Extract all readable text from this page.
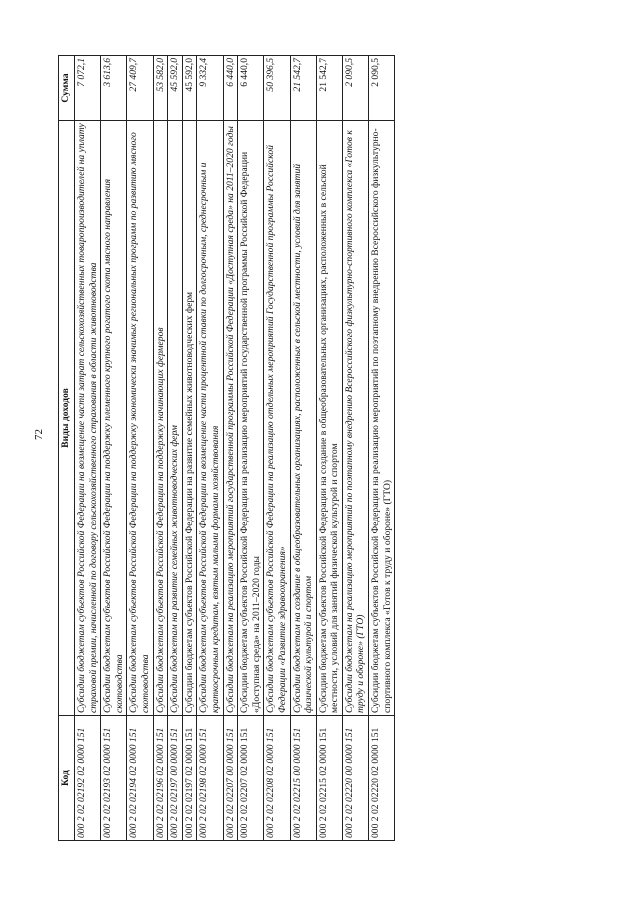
72
Код	Виды доходов	Сумма
000 2 02 02192 02 0000 151	Субсидии бюджетам субъектов Российской Федерации на возмещение части затрат сельскохозяйственных товаропроизводителей на уплату страховой премии, начисленной по договору сельскохозяйственного страхования в области животноводства	7 072,1
000 2 02 02193 02 0000 151	Субсидии бюджетам субъектов Российской Федерации на поддержку племенного крупного рогатого скота мясного направления скотоводства	3 613,6
000 2 02 02194 02 0000 151	Субсидии бюджетам субъектов Российской Федерации на поддержку экономически значимых региональных программ по развитию мясного скотоводства	27 409,7
000 2 02 02196 02 0000 151	Субсидии бюджетам субъектов Российской Федерации на поддержку начинающих фермеров	53 582,0
000 2 02 02197 00 0000 151	Субсидии бюджетам на развитие семейных животноводческих ферм	45 592,0
000 2 02 02197 02 0000 151	Субсидии бюджетам субъектов Российской Федерации на развитие семейных животноводческих ферм	45 592,0
000 2 02 02198 02 0000 151	Субсидии бюджетам субъектов Российской Федерации на возмещение части процентной ставки по долгосрочным, среднесрочным и краткосрочным кредитам, взятым малыми формами хозяйствования	9 332,4
000 2 02 02207 00 0000 151	Субсидии бюджетам на реализацию мероприятий государственной программы Российской Федерации «Доступная среда» на 2011–2020 годы	6 440,0
000 2 02 02207 02 0000 151	Субсидии бюджетам субъектов Российской Федерации на реализацию мероприятий государственной программы Российской Федерации «Доступная среда» на 2011–2020 годы	6 440,0
000 2 02 02208 02 0000 151	Субсидии бюджетам субъектов Российской Федерации на реализацию отдельных мероприятий Государственной программы Российской Федерации «Развитие здравоохранения»	50 396,5
000 2 02 02215 00 0000 151	Субсидии бюджетам на создание в общеобразовательных организациях, расположенных в сельской местности, условий для занятий физической культурой и спортом	21 542,7
000 2 02 02215 02 0000 151	Субсидии бюджетам субъектов Российской Федерации на создание в общеобразовательных организациях, расположенных в сельской местности, условий для занятий физической культурой и спортом	21 542,7
000 2 02 02220 00 0000 151	Субсидии бюджетам на реализацию мероприятий по поэтапному внедрению Всероссийского физкультурно-спортивного комплекса «Готов к труду и обороне» (ГТО)	2 090,5
000 2 02 02220 02 0000 151	Субсидии бюджетам субъектов Российской Федерации на реализацию мероприятий по поэтапному внедрению Всероссийского физкультурно-спортивного комплекса «Готов к труду и обороне» (ГТО)	2 090,5
